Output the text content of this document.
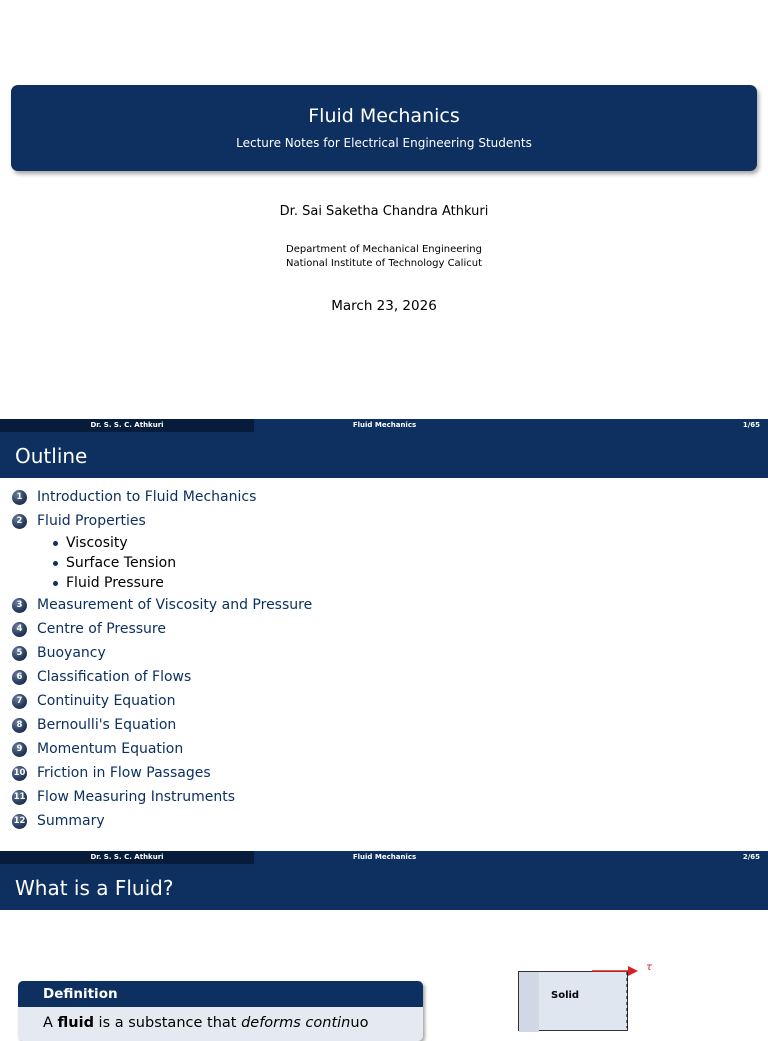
Fluid Mechanics
Lecture Notes for Electrical Engineering Students
Dr. Sai Saketha Chandra Athkuri
Department of Mechanical Engineering
National Institute of Technology Calicut
March 23, 2026
Dr. S. S. C. Athkuri	Fluid Mechanics	1/65
Outline
1	Introduction to Fluid Mechanics
2	Fluid Properties
Viscosity
Surface Tension
Fluid Pressure
3	Measurement of Viscosity and Pressure
4	Centre of Pressure
5	Buoyancy
6	Classification of Flows
7	Continuity Equation
8	Bernoulli's Equation
9	Momentum Equation
10 Friction in Flow Passages
11 Flow Measuring Instruments
12 Summary
Dr. S. S. C. Athkuri	Fluid Mechanics	2/65
What is a Fluid?
Definition
A fluid is a substance that deforms continuo
Solid
τ
